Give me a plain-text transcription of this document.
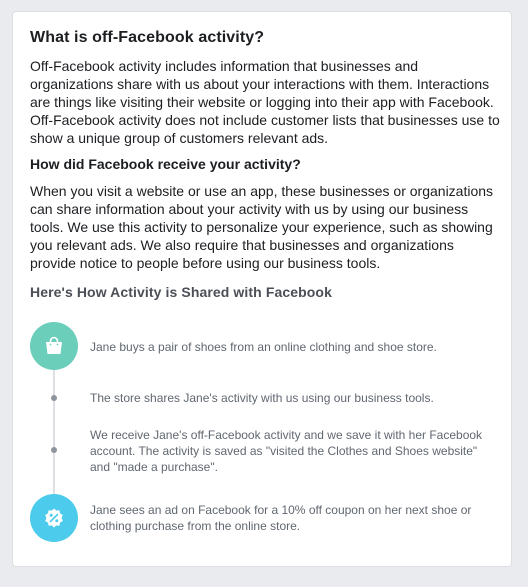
What is off-Facebook activity?

Off-Facebook activity includes information that businesses and organizations share with us about your interactions with them. Interactions are things like visiting their website or logging into their app with Facebook. Off-Facebook activity does not include customer lists that businesses use to show a unique group of customers relevant ads.

How did Facebook receive your activity?

When you visit a website or use an app, these businesses or organizations can share information about your activity with us by using our business tools. We use this activity to personalize your experience, such as showing you relevant ads. We also require that businesses and organizations provide notice to people before using our business tools.

Here's How Activity is Shared with Facebook

Jane buys a pair of shoes from an online clothing and shoe store.

The store shares Jane's activity with us using our business tools.

We receive Jane's off-Facebook activity and we save it with her Facebook account. The activity is saved as "visited the Clothes and Shoes website" and "made a purchase".

Jane sees an ad on Facebook for a 10% off coupon on her next shoe or clothing purchase from the online store.
